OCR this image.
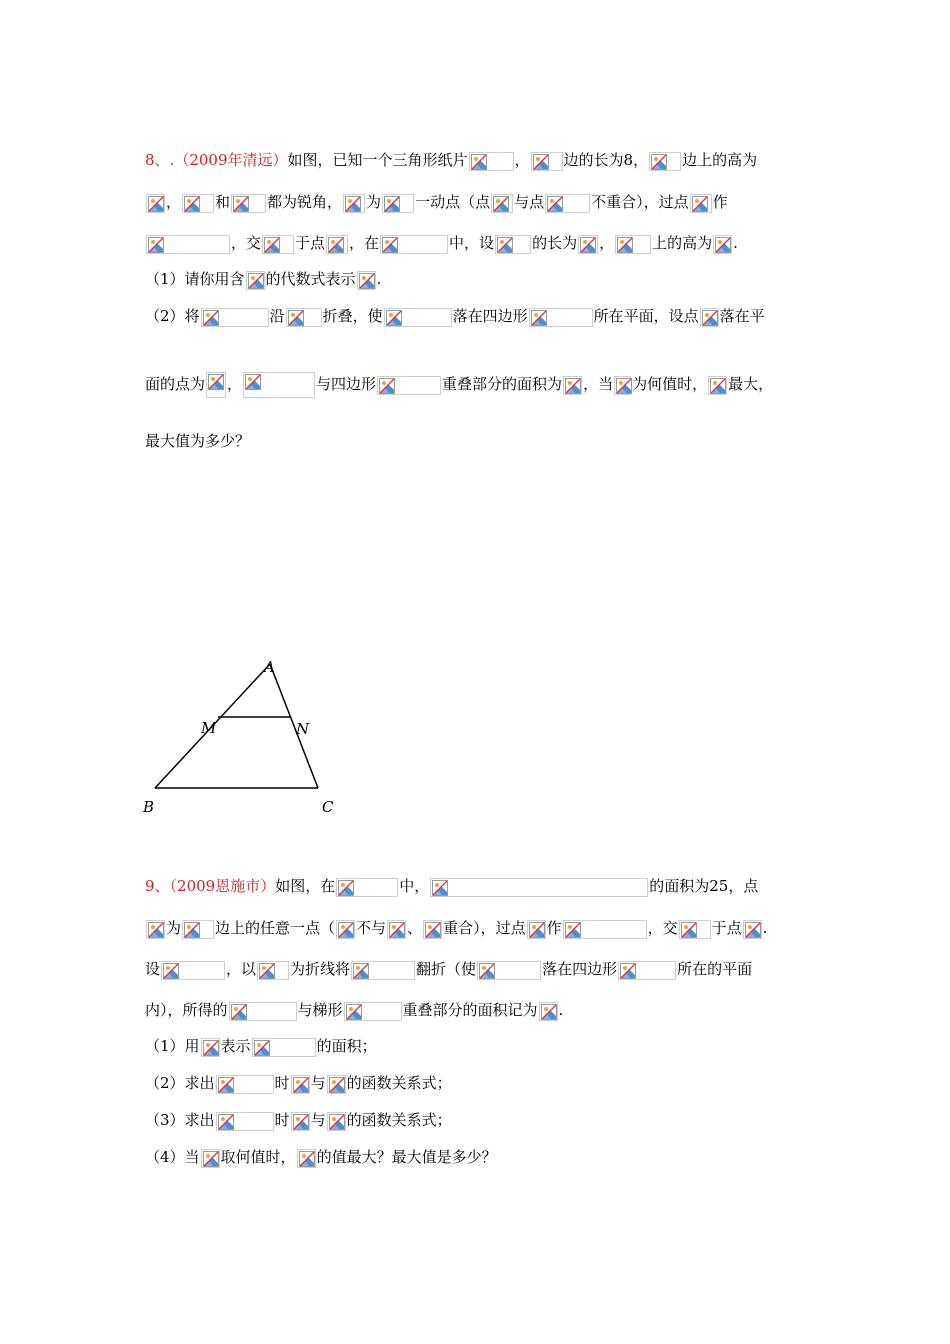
8、.（2009年清远）如图，已知一个三角形纸片	， 边的长为8， 边上的高为
， 和 都为锐角， 为 一动点（点 与点	不重合），过点 作
，交 于点 ，在	中，设	的长为 ，	上的高为 .
（1）请你用含 的代数式表示 .
（2）将	沿	折叠，使	落在四边形	所在平面，设点 落在平
面的点为 ，	与四边形	重叠部分的面积为 ，当 为何值时， 最大，
最大值为多少？
A
M	N
B	C
9、（2009恩施市）如图，在	中，	的面积为25，点
为 边上的任意一点（ 不与 、 重合），过点 作	，交 于点 .
设	，以 为折线将	翻折（使	落在四边形	所在的平面
内），所得的	与梯形	重叠部分的面积记为 .
（1）用 表示	的面积；
（2）求出	时 与 的函数关系式；
（3）求出	时 与 的函数关系式；
（4）当 取何值时， 的值最大？最大值是多少？
